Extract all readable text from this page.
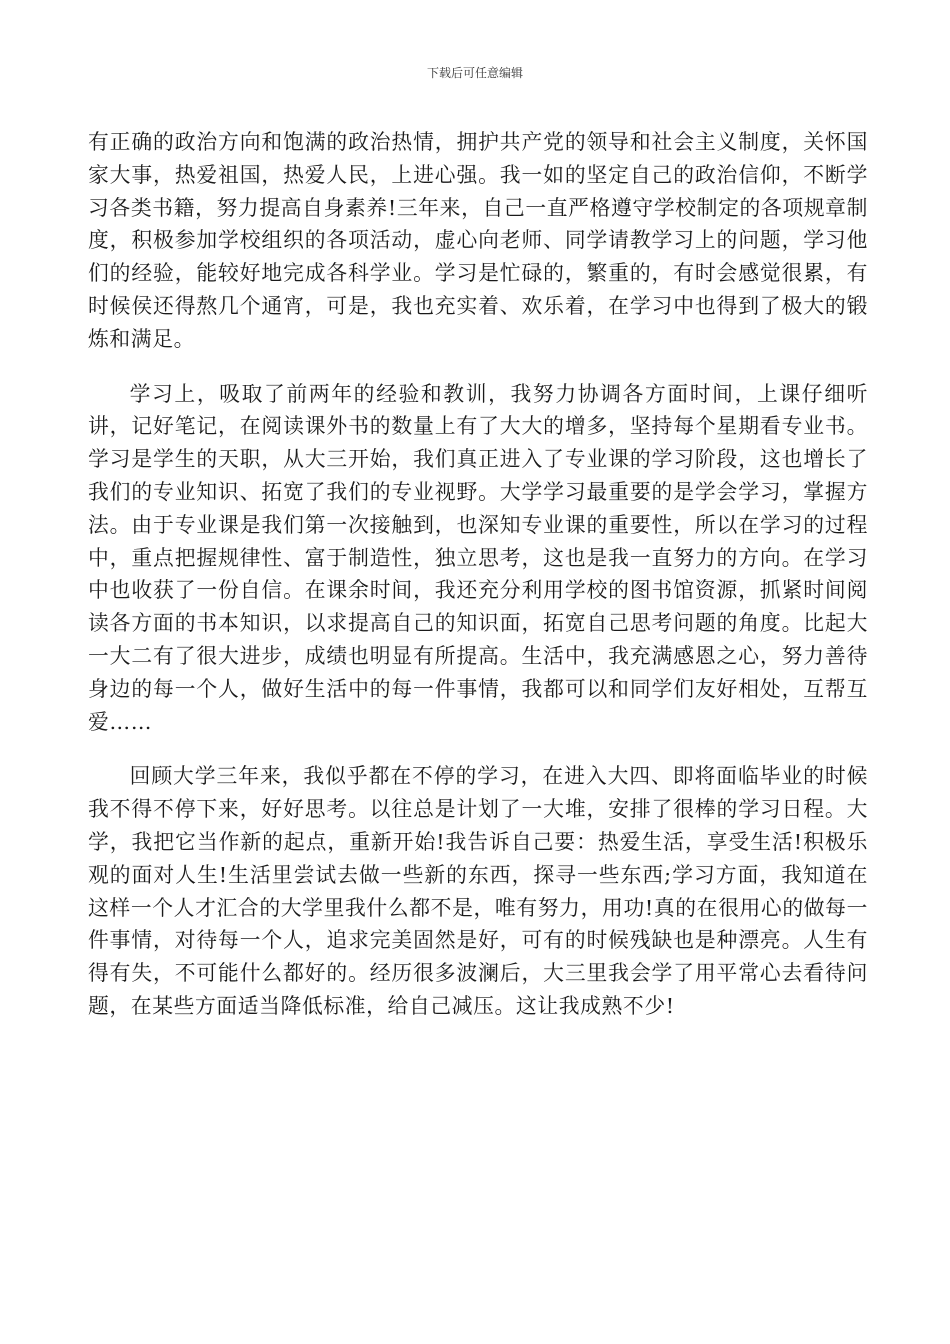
下载后可任意编辑

有正确的政治方向和饱满的政治热情，拥护共产党的领导和社会主义制度，关怀国家大事，热爱祖国，热爱人民，上进心强。我一如的坚定自己的政治信仰，不断学习各类书籍，努力提高自身素养!三年来，自己一直严格遵守学校制定的各项规章制度，积极参加学校组织的各项活动，虚心向老师、同学请教学习上的问题，学习他们的经验，能较好地完成各科学业。学习是忙碌的，繁重的，有时会感觉很累，有时候侯还得熬几个通宵，可是，我也充实着、欢乐着，在学习中也得到了极大的锻炼和满足。

学习上，吸取了前两年的经验和教训，我努力协调各方面时间，上课仔细听讲，记好笔记，在阅读课外书的数量上有了大大的增多，坚持每个星期看专业书。学习是学生的天职，从大三开始，我们真正进入了专业课的学习阶段，这也增长了我们的专业知识、拓宽了我们的专业视野。大学学习最重要的是学会学习，掌握方法。由于专业课是我们第一次接触到，也深知专业课的重要性，所以在学习的过程中，重点把握规律性、富于制造性，独立思考，这也是我一直努力的方向。在学习中也收获了一份自信。在课余时间，我还充分利用学校的图书馆资源，抓紧时间阅读各方面的书本知识，以求提高自己的知识面，拓宽自己思考问题的角度。比起大一大二有了很大进步，成绩也明显有所提高。生活中，我充满感恩之心，努力善待身边的每一个人，做好生活中的每一件事情，我都可以和同学们友好相处，互帮互爱……

回顾大学三年来，我似乎都在不停的学习，在进入大四、即将面临毕业的时候我不得不停下来，好好思考。以往总是计划了一大堆，安排了很棒的学习日程。大学，我把它当作新的起点，重新开始!我告诉自己要：热爱生活，享受生活!积极乐观的面对人生!生活里尝试去做一些新的东西，探寻一些东西;学习方面，我知道在这样一个人才汇合的大学里我什么都不是，唯有努力，用功!真的在很用心的做每一件事情，对待每一个人，追求完美固然是好，可有的时候残缺也是种漂亮。人生有得有失，不可能什么都好的。经历很多波澜后，大三里我会学了用平常心去看待问题，在某些方面适当降低标准，给自己减压。这让我成熟不少!
